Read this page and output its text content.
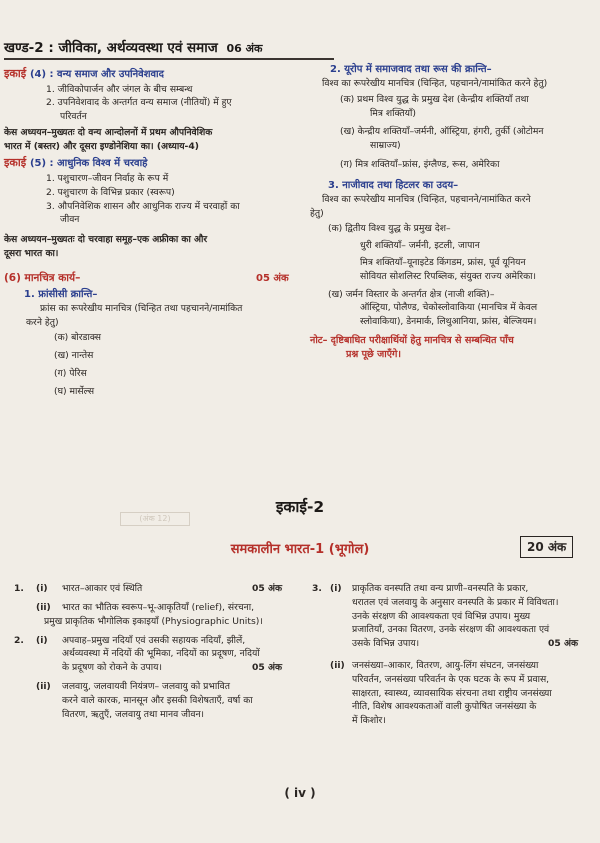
खण्ड-2 : जीविका, अर्थव्यवस्था एवं समाज 06 अंक
इकाई (4) : वन्य समाज और उपनिवेशवाद
1. जीविकोपार्जन और जंगल के बीच सम्बन्ध
2. उपनिवेशवाद के अन्तर्गत वन्य समाज (नीतियों) में हुए
परिवर्तन
केस अध्ययन–मुख्यतः दो वन्य आन्दोलनों में प्रथम औपनिवेशिक
भारत में (बस्तर) और दूसरा इण्डोनेशिया का। (अध्याय-4)
इकाई (5) : आधुनिक विश्व में चरवाहे
1. पशुचारण–जीवन निर्वाह के रूप में
2. पशुचारण के विभिन्न प्रकार (स्वरूप)
3. औपनिवेशिक शासन और आधुनिक राज्य में चरवाहों का
जीवन
केस अध्ययन–मुख्यतः दो चरवाहा समूह–एक अफ्रीका का और
दूसरा भारत का।
(6) मानचित्र कार्य–	05 अंक
1. फ्रांसीसी क्रान्ति–
फ्रांस का रूपरेखीय मानचित्र (चिन्हित तथा पहचानने/नामांकित
करने हेतु)
(क) बोरडाक्स
(ख) नान्तेस
(ग) पेरिस
(घ) मार्सेल्स
2. यूरोप में समाजवाद तथा रूस की क्रान्ति–
विश्व का रूपरेखीय मानचित्र (चिन्हित, पहचानने/नामांकित करने हेतु)
(क) प्रथम विश्व युद्ध के प्रमुख देश (केन्द्रीय शक्तियाँ तथा
मित्र शक्तियाँ)
(ख) केन्द्रीय शक्तियाँ–जर्मनी, ऑस्ट्रिया, हंगरी, तुर्की (ओटोमन
साम्राज्य)
(ग) मित्र शक्तियाँ–फ्रांस, इंग्लैण्ड, रूस, अमेरिका
3. नाजीवाद तथा हिटलर का उदय–
विश्व का रूपरेखीय मानचित्र (चिन्हित, पहचानने/नामांकित करने
हेतु)
(क) द्वितीय विश्व युद्ध के प्रमुख देश–
धुरी शक्तियाँ– जर्मनी, इटली, जापान
मित्र शक्तियाँ–यूनाइटेड किंगडम, फ्रांस, पूर्व यूनियन
सोवियत सोशलिस्ट रिपब्लिक, संयुक्त राज्य अमेरिका।
(ख) जर्मन विस्तार के अन्तर्गत क्षेत्र (नाजी शक्ति)–
ऑस्ट्रिया, पोलैण्ड, चेकोस्लोवाकिया (मानचित्र में केवल
स्लोवाकिया), डेनमार्क, लिथुआनिया, फ्रांस, बेल्जियम।
नोट– दृष्टिबाधित परीक्षार्थियों हेतु मानचित्र से सम्बन्धित पाँच
प्रश्न पूछे जाएँगे।
इकाई-2
(अंक 12)
समकालीन भारत-1 (भूगोल)	20 अंक
1. (i) भारत–आकार एवं स्थिति	05 अंक
(ii)	भारत का भौतिक स्वरूप–भू-आकृतियाँ (relief), संरचना,
प्रमुख प्राकृतिक भौगोलिक इकाइयाँ (Physiographic Units)।
2. (i)	अपवाह–प्रमुख नदियाँ एवं उसकी सहायक नदियाँ, झीलें,
अर्थव्यवस्था में नदियों की भूमिका, नदियों का प्रदूषण, नदियों
के प्रदूषण को रोकने के उपाय।	05 अंक
(ii)	जलवायु, जलवायवी नियंत्रण– जलवायु को प्रभावित
करने वाले कारक, मानसून और इसकी विशेषताएँ, वर्षा का
वितरण, ऋतुएँ, जलवायु तथा मानव जीवन।
3. (i)	प्राकृतिक वनस्पति तथा वन्य प्राणी–वनस्पति के प्रकार,
धरातल एवं जलवायु के अनुसार वनस्पति के प्रकार में विविधता।
उनके संरक्षण की आवश्यकता एवं विभिन्न उपाय। मुख्य
प्रजातियाँ, उनका वितरण, उनके संरक्षण की आवश्यकता एवं
उसके विभिन्न उपाय।	05 अंक
(ii) जनसंख्या–आकार, वितरण, आयु-लिंग संघटन, जनसंख्या
परिवर्तन, जनसंख्या परिवर्तन के एक घटक के रूप में प्रवास,
साक्षरता, स्वास्थ्य, व्यावसायिक संरचना तथा राष्ट्रीय जनसंख्या
नीति, विशेष आवश्यकताओं वाली कुपोषित जनसंख्या के
में किशोर।
( iv )
